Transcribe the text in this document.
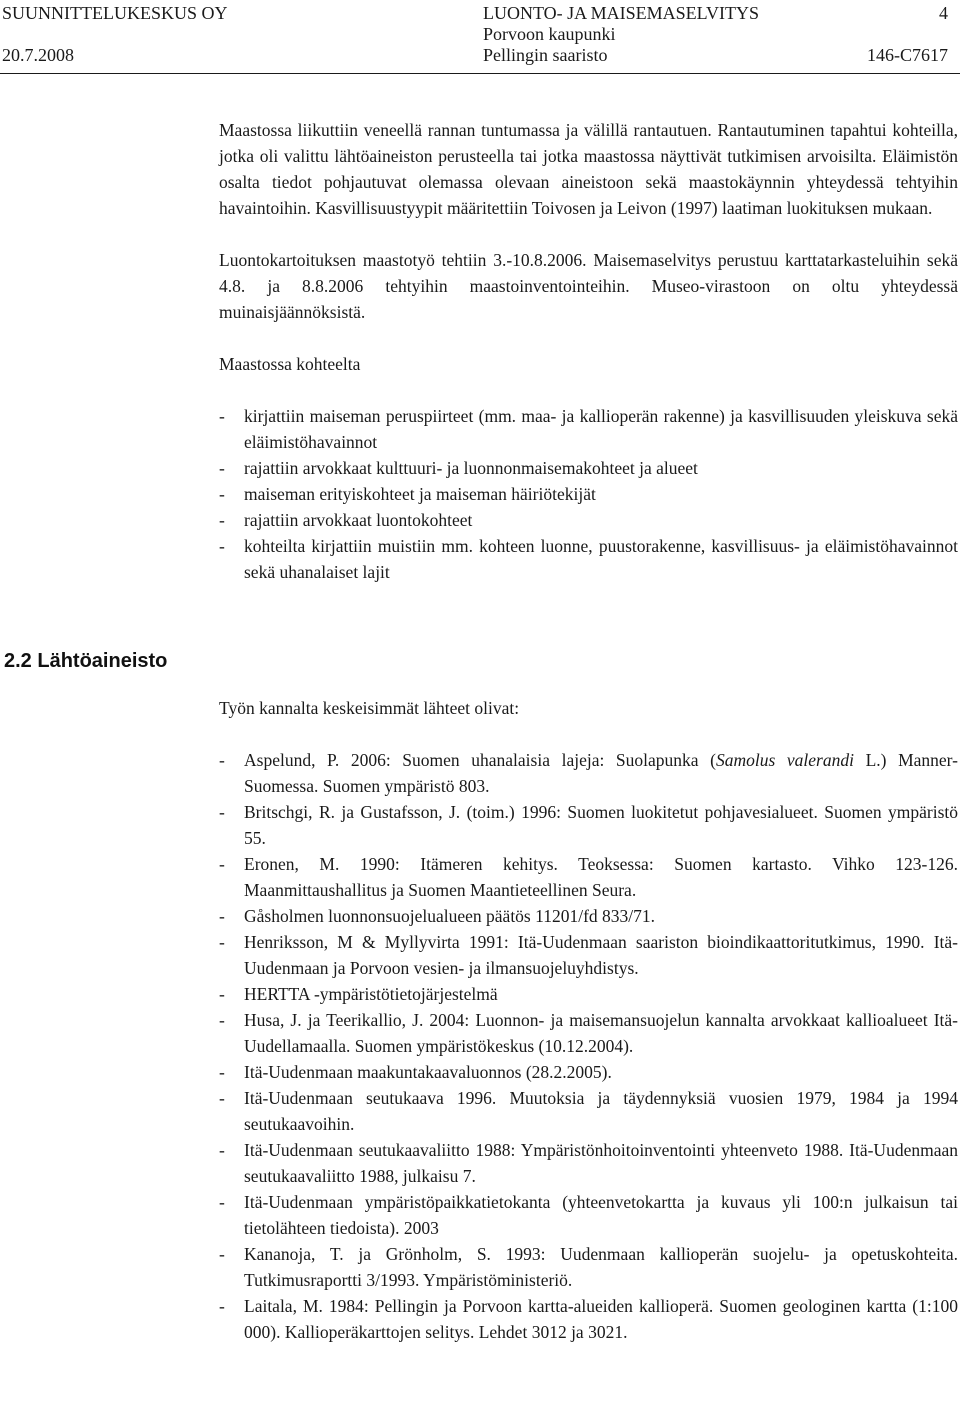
SUUNNITTELUKESKUS OY	LUONTO- JA MAISEMASELVITYS	4
20.7.2008
Porvoon kaupunki
Pellingin saaristo	146-C7617

Maastossa liikuttiin veneellä rannan tuntumassa ja välillä rantautuen. Rantautuminen tapahtui kohteilla, jotka oli valittu lähtöaineiston perusteella tai jotka maastossa näyttivät tutkimisen arvoisilta. Eläimistön osalta tiedot pohjautuvat olemassa olevaan aineistoon sekä maastokäynnin yhteydessä tehtyihin havaintoihin. Kasvillisuustyypit määritettiin Toivosen ja Leivon (1997) laatiman luokituksen mukaan.

Luontokartoituksen maastotyö tehtiin 3.-10.8.2006. Maisemaselvitys perustuu karttatarkasteluihin sekä 4.8. ja 8.8.2006 tehtyihin maastoinventointeihin. Museo-virastoon on oltu yhteydessä muinaisjäännöksistä.

Maastossa kohteelta

- kirjattiin maiseman peruspiirteet (mm. maa- ja kallioperän rakenne) ja kasvillisuuden yleiskuva sekä eläimistöhavainnot
- rajattiin arvokkaat kulttuuri- ja luonnonmaisemakohteet ja alueet
- maiseman erityiskohteet ja maiseman häiriötekijät
- rajattiin arvokkaat luontokohteet
- kohteilta kirjattiin muistiin mm. kohteen luonne, puustorakenne, kasvillisuus- ja eläimistöhavainnot sekä uhanalaiset lajit
2.2 Lähtöaineisto

Työn kannalta keskeisimmät lähteet olivat:

- Aspelund, P. 2006: Suomen uhanalaisia lajeja: Suolapunka (Samolus valerandi L.) Manner-Suomessa. Suomen ympäristö 803.
- Britschgi, R. ja Gustafsson, J. (toim.) 1996: Suomen luokitetut pohjavesialueet. Suomen ympäristö 55.
- Eronen, M. 1990: Itämeren kehitys. Teoksessa: Suomen kartasto. Vihko 123-126. Maanmittaushallitus ja Suomen Maantieteellinen Seura.
- Gåsholmen luonnonsuojelualueen päätös 11201/fd 833/71.
- Henriksson, M & Myllyvirta 1991: Itä-Uudenmaan saariston bioindikaattoritutkimus, 1990. Itä-Uudenmaan ja Porvoon vesien- ja ilmansuojeluyhdistys.
- HERTTA -ympäristötietojärjestelmä
- Husa, J. ja Teerikallio, J. 2004: Luonnon- ja maisemansuojelun kannalta arvokkaat kallioalueet Itä-Uudellamaalla. Suomen ympäristökeskus (10.12.2004).
- Itä-Uudenmaan maakuntakaavaluonnos (28.2.2005).
- Itä-Uudenmaan seutukaava 1996. Muutoksia ja täydennyksiä vuosien 1979, 1984 ja 1994 seutukaavoihin.
- Itä-Uudenmaan seutukaavaliitto 1988: Ympäristönhoitoinventointi yhteenveto 1988. Itä-Uudenmaan seutukaavaliitto 1988, julkaisu 7.
- Itä-Uudenmaan ympäristöpaikkatietokanta (yhteenvetokartta ja kuvaus yli 100:n julkaisun tai tietolähteen tiedoista). 2003
- Kananoja, T. ja Grönholm, S. 1993: Uudenmaan kallioperän suojelu- ja opetuskohteita. Tutkimusraportti 3/1993. Ympäristöministeriö.
- Laitala, M. 1984: Pellingin ja Porvoon kartta-alueiden kallioperä. Suomen geologinen kartta (1:100 000). Kallioperäkarttojen selitys. Lehdet 3012 ja 3021.
